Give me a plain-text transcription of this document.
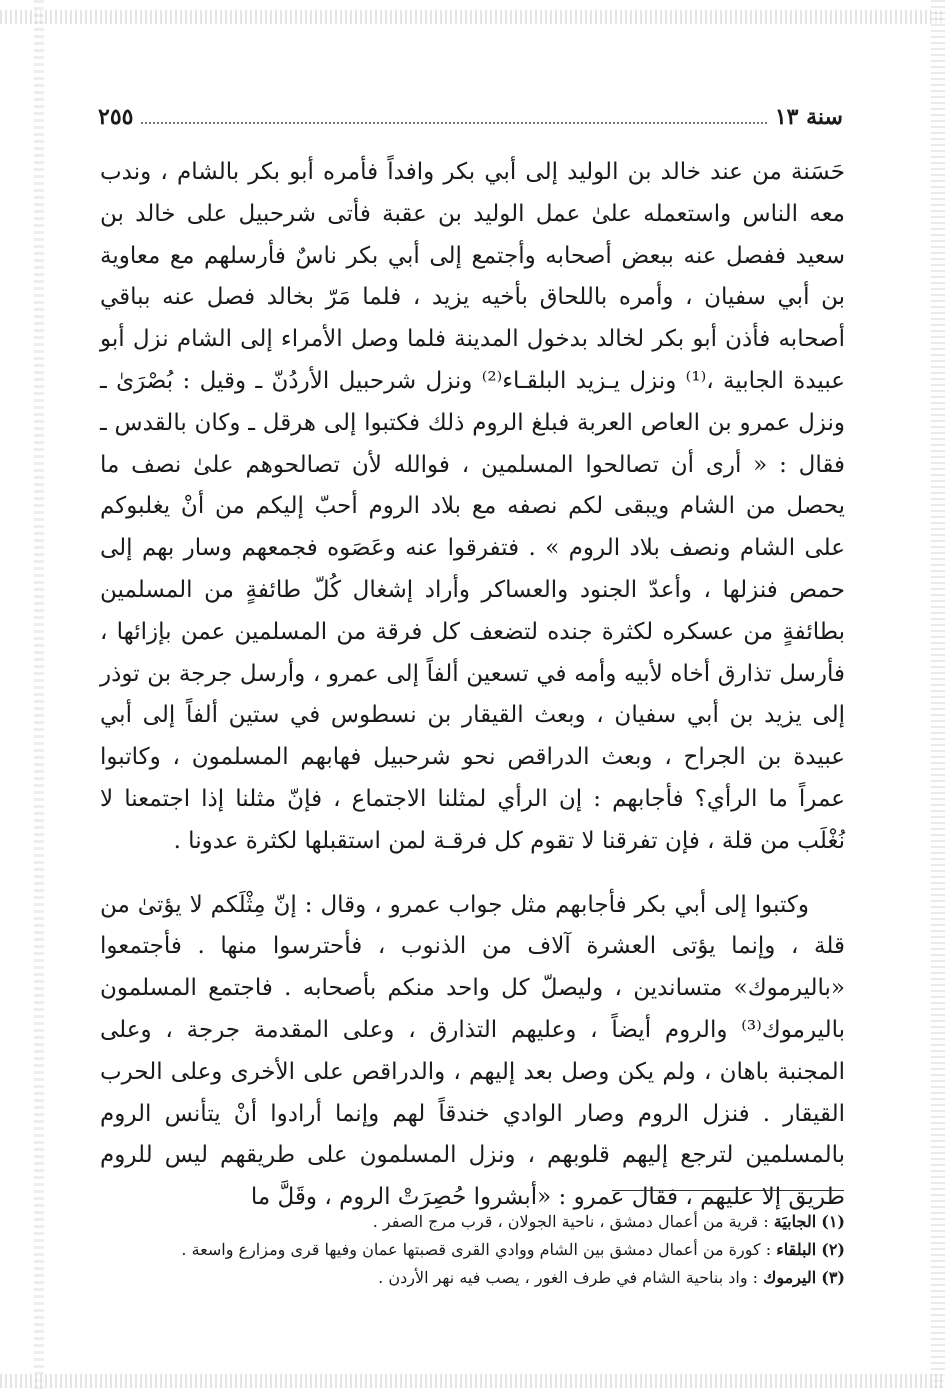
سنة ١٣
٢٥٥

حَسَنة من عند خالد بن الوليد إلى أبي بكر وافداً فأمره أبو بكر بالشام ، وندب معه الناس واستعمله علىٰ عمل الوليد بن عقبة فأتى شرحبيل على خالد بن سعيد ففصل عنه ببعض أصحابه وأجتمع إلى أبي بكر ناسٌ فأرسلهم مع معاوية بن أبي سفيان ، وأمره باللحاق بأخيه يزيد ، فلما مَرّ بخالد فصل عنه بباقي أصحابه فأذن أبو بكر لخالد بدخول المدينة فلما وصل الأمراء إلى الشام نزل أبو عبيدة الجابية ،⁽¹⁾ ونزل يـزيد البلقـاء⁽²⁾ ونزل شرحبيل الأردُنّ ـ وقيل : بُصْرَىٰ ـ ونزل عمرو بن العاص العربة فبلغ الروم ذلك فكتبوا إلى هرقل ـ وكان بالقدس ـ فقال : « أرى أن تصالحوا المسلمين ، فوالله لأن تصالحوهم علىٰ نصف ما يحصل من الشام ويبقى لكم نصفه مع بلاد الروم أحبّ إليكم من أنْ يغلبوكم على الشام ونصف بلاد الروم » . فتفرقوا عنه وعَصَوه فجمعهم وسار بهم إلى حمص فنزلها ، وأعدّ الجنود والعساكر وأراد إشغال كُلّ طائفةٍ من المسلمين بطائفةٍ من عسكره لكثرة جنده لتضعف كل فرقة من المسلمين عمن بإزائها ، فأرسل تذارق أخاه لأبيه وأمه في تسعين ألفاً إلى عمرو ، وأرسل جرجة بن توذر إلى يزيد بن أبي سفيان ، وبعث القيقار بن نسطوس في ستين ألفاً إلى أبي عبيدة بن الجراح ، وبعث الدراقص نحو شرحبيل فهابهم المسلمون ، وكاتبوا عمراً ما الرأي؟ فأجابهم : إن الرأي لمثلنا الاجتماع ، فإنّ مثلنا إذا اجتمعنا لا نُغْلَب من قلة ، فإن تفرقنا لا تقوم كل فرقـة لمن استقبلها لكثرة عدونا .

وكتبوا إلى أبي بكر فأجابهم مثل جواب عمرو ، وقال : إنّ مِثْلَكم لا يؤتىٰ من قلة ، وإنما يؤتى العشرة آلاف من الذنوب ، فأحترسوا منها . فأجتمعوا «باليرموك» متساندين ، وليصلّ كل واحد منكم بأصحابه . فاجتمع المسلمون باليرموك⁽³⁾ والروم أيضاً ، وعليهم التذارق ، وعلى المقدمة جرجة ، وعلى المجنبة باهان ، ولم يكن وصل بعد إليهم ، والدراقص على الأخرى وعلى الحرب القيقار . فنزل الروم وصار الوادي خندقاً لهم وإنما أرادوا أنْ يتأنس الروم بالمسلمين لترجع إليهم قلوبهم ، ونزل المسلمون على طريقهم ليس للروم طريق إلا عليهم ، فقال عمرو : «أبشروا حُصِرَتْ الروم ، وقَلَّ ما

(١) الجابيَة : قرية من أعمال دمشق ، ناحية الجولان ، قرب مرج الصفر .

(٢) البلقاء : كورة من أعمال دمشق بين الشام ووادي القرى قصبتها عمان وفيها قرى ومزارع واسعة .

(٣) اليرموك : واد بناحية الشام في طرف الغور ، يصب فيه نهر الأردن .
